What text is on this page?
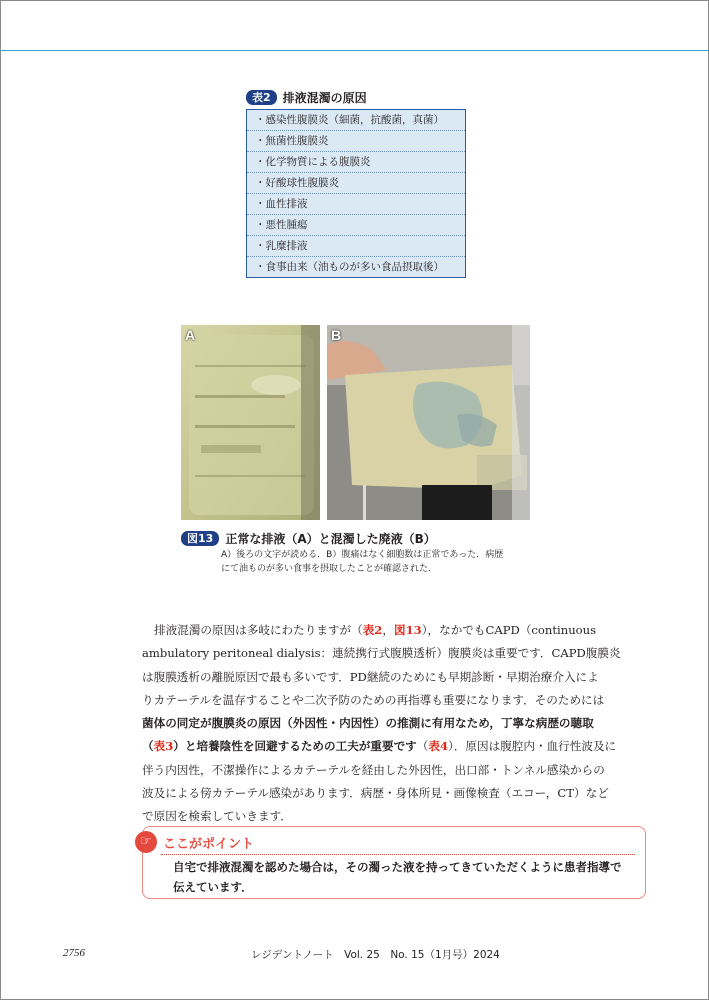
表2	排液混濁の原因
・感染性腹膜炎（細菌，抗酸菌，真菌）
・無菌性腹膜炎
・化学物質による腹膜炎
・好酸球性腹膜炎
・血性排液
・悪性腫瘍
・乳糜排液
・食事由来（油ものが多い食品摂取後）
A	B
図13	正常な排液（A）と混濁した廃液（B）
A）後ろの文字が読める．B）腹痛はなく細胞数は正常であった．病歴
にて油ものが多い食事を摂取したことが確認された．
排液混濁の原因は多岐にわたりますが（表2，図13），なかでもCAPD（continuous
ambulatory peritoneal dialysis：連続携行式腹膜透析）腹膜炎は重要です．CAPD腹膜炎
は腹膜透析の離脱原因で最も多いです．PD継続のためにも早期診断・早期治療介入によ
りカテーテルを温存することや二次予防のための再指導も重要になります．そのためには
菌体の同定が腹膜炎の原因（外因性・内因性）の推測に有用なため，丁寧な病歴の聴取
（表3）と培養陰性を回避するための工夫が重要です（表4）．原因は腹腔内・血行性波及に
伴う内因性，不潔操作によるカテーテルを経由した外因性，出口部・トンネル感染からの
波及による傍カテーテル感染があります．病歴・身体所見・画像検査（エコー，CT）など
で原因を検索していきます．
☞ ここがポイント
自宅で排液混濁を認めた場合は，その濁った液を持ってきていただくように患者指導で
伝えています．
2756	レジデントノート　Vol. 25　No. 15（1月号）2024
